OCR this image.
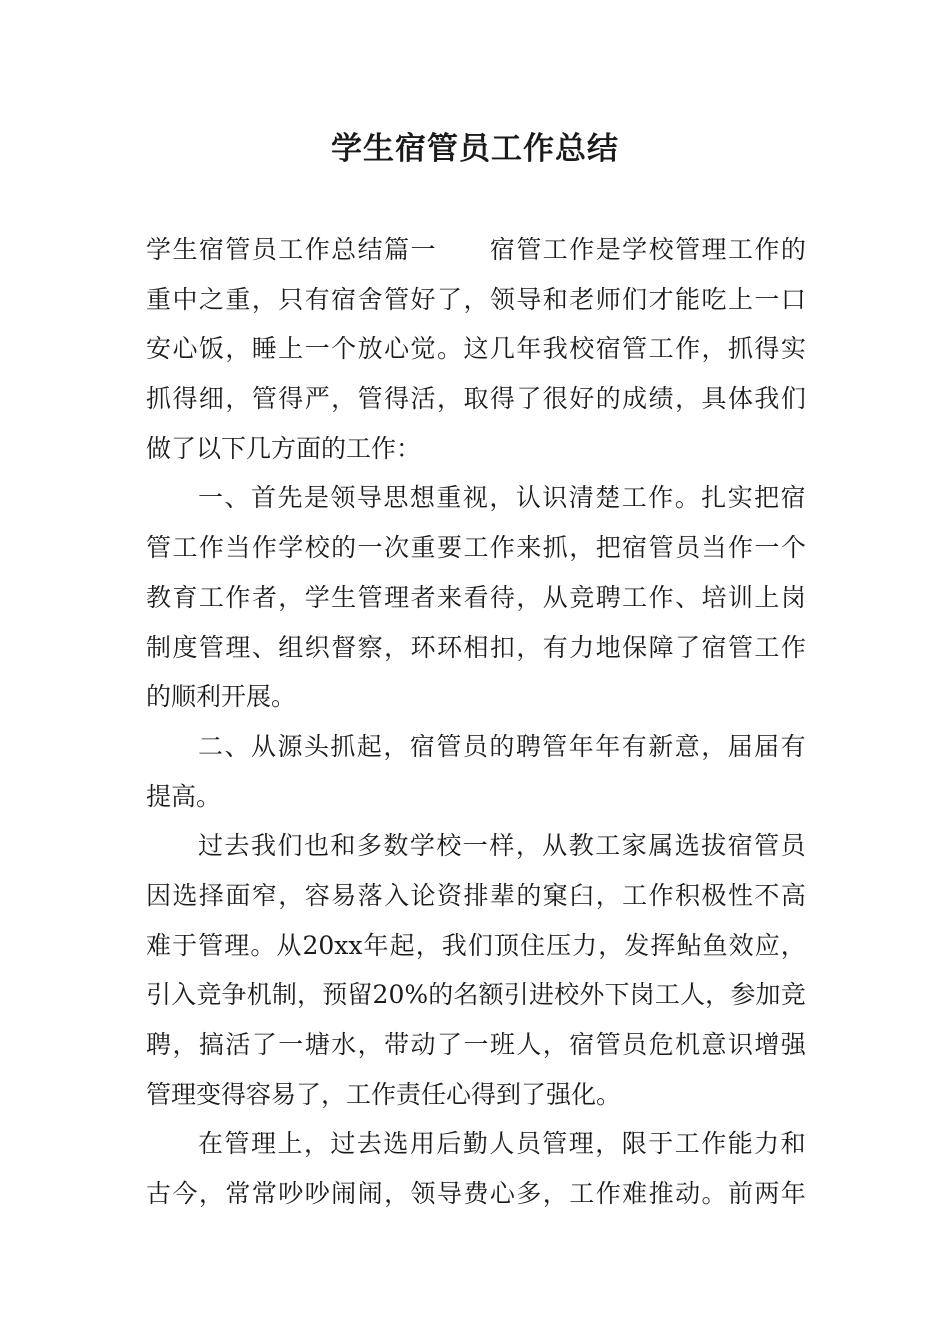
学生宿管员工作总结
学 生 宿 管 员 工 作 总 结 篇 一

　 宿 管 工 作 是 学 校 管 理 工 作 的
重 中 之 重 ， 只 有 宿 舍 管 好 了 ， 领 导 和 老 师 们 才 能 吃 上 一 口
安 心 饭 ， 睡 上 一 个 放 心 觉 。 这 几 年 我 校 宿 管 工 作 ， 抓 得 实
抓 得 细 ， 管 得 严 ， 管 得 活 ， 取 得 了 很 好 的 成 绩 ， 具 体 我 们
做了以下几方面的工作：
一 、 首 先 是 领 导 思 想 重 视 ， 认 识 清 楚 工 作 。 扎 实 把 宿
管 工 作 当 作 学 校 的 一 次 重 要 工 作 来 抓 ， 把 宿 管 员 当 作 一 个
教 育 工 作 者 ， 学 生 管 理 者 来 看 待 ， 从 竞 聘 工 作 、 培 训 上 岗
制 度 管 理 、 组 织 督 察 ， 环 环 相 扣 ， 有 力 地 保 障 了 宿 管 工 作
的顺利开展。
二 、 从 源 头 抓 起 ， 宿 管 员 的 聘 管 年 年 有 新 意 ， 届 届 有
提高。
过 去 我 们 也 和 多 数 学 校 一 样 ， 从 教 工 家 属 选 拔 宿 管 员
因 选 择 面 窄 ， 容 易 落 入 论 资 排 辈 的 窠 臼 ， 工 作 积 极 性 不 高
难 于 管 理 。 从 20xx 年 起 ， 我 们 顶 住 压 力 ， 发 挥 鲇 鱼 效 应 ，
引 入 竞 争 机 制 ， 预 留 20% 的 名 额 引 进 校 外 下 岗 工 人 ， 参 加 竞
聘 ， 搞 活 了 一 塘 水 ， 带 动 了 一 班 人 ， 宿 管 员 危 机 意 识 增 强
管理变得容易了，工作责任心得到了强化。
在 管 理 上 ， 过 去 选 用 后 勤 人 员 管 理 ， 限 于 工 作 能 力 和
古 今 ， 常 常 吵 吵 闹 闹 ， 领 导 费 心 多 ， 工 作 难 推 动 。 前 两 年
